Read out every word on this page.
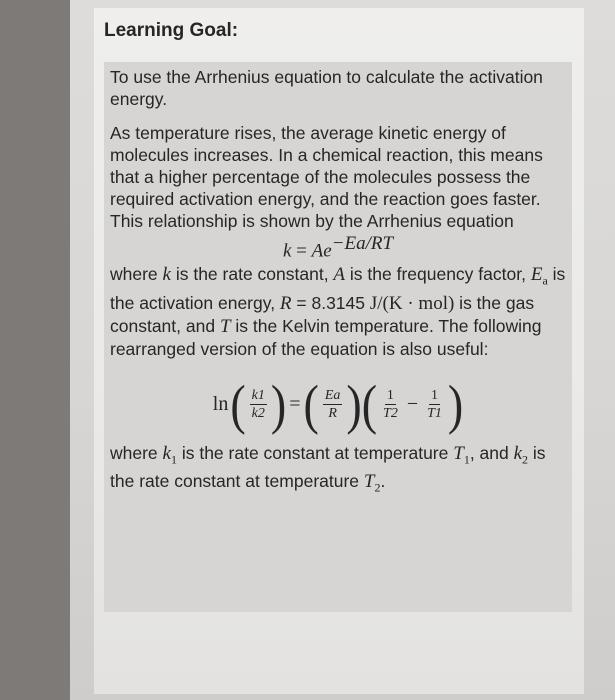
Learning Goal:

To use the Arrhenius equation to calculate the activation energy.

As temperature rises, the average kinetic energy of molecules increases. In a chemical reaction, this means that a higher percentage of the molecules possess the required activation energy, and the reaction goes faster. This relationship is shown by the Arrhenius equation

$k = Ae^{-Ea/RT}$

where k is the rate constant, A is the frequency factor, $E_a$ is the activation energy, R = 8.3145 J/(K · mol) is the gas constant, and T is the Kelvin temperature. The following rearranged version of the equation is also useful:

ln ( $\frac{k1}{k2}$ ) = ( $\frac{Ea}{R}$ ) ( $\frac{1}{T2} - \frac{1}{T1}$ )

where $k_1$ is the rate constant at temperature $T_1$, and $k_2$ is the rate constant at temperature $T_2$.
